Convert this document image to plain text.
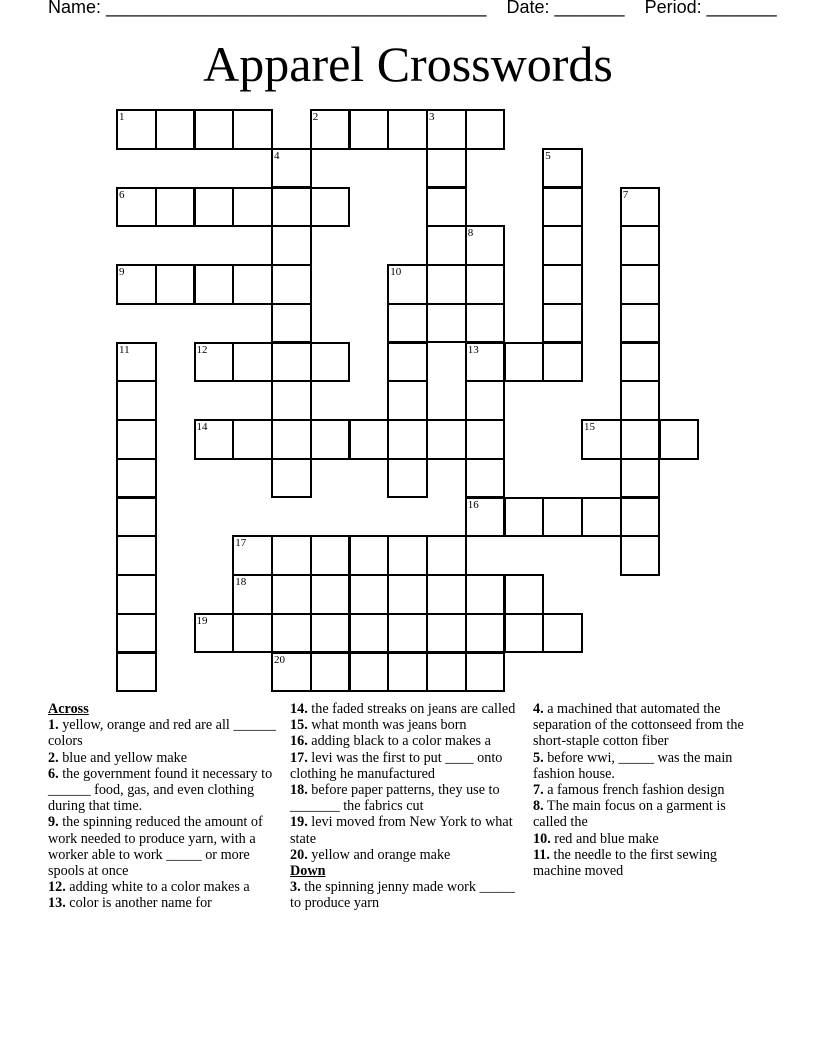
Name: ______________________________________ Date: _______ Period: _______
Apparel Crosswords
1	2	3
4	5
6	7
8
9	10
11	12	13
14	15
16
17
18
19
20

Across

1. yellow, orange and red are all ______ colors

2. blue and yellow make

6. the government found it necessary to ______ food, gas, and even clothing during that time.

9. the spinning reduced the amount of work needed to produce yarn, with a worker able to work _____ or more spools at once

12. adding white to a color makes a

13. color is another name for

14. the faded streaks on jeans are called

15. what month was jeans born

16. adding black to a color makes a

17. levi was the first to put ____ onto clothing he manufactured

18. before paper patterns, they use to _______ the fabrics cut

19. levi moved from New York to what state

20. yellow and orange make

Down

3. the spinning jenny made work _____ to produce yarn

4. a machined that automated the separation of the cottonseed from the short-staple cotton fiber

5. before wwi, _____ was the main fashion house.

7. a famous french fashion design

8. The main focus on a garment is called the

10. red and blue make

11. the needle to the first sewing machine moved
